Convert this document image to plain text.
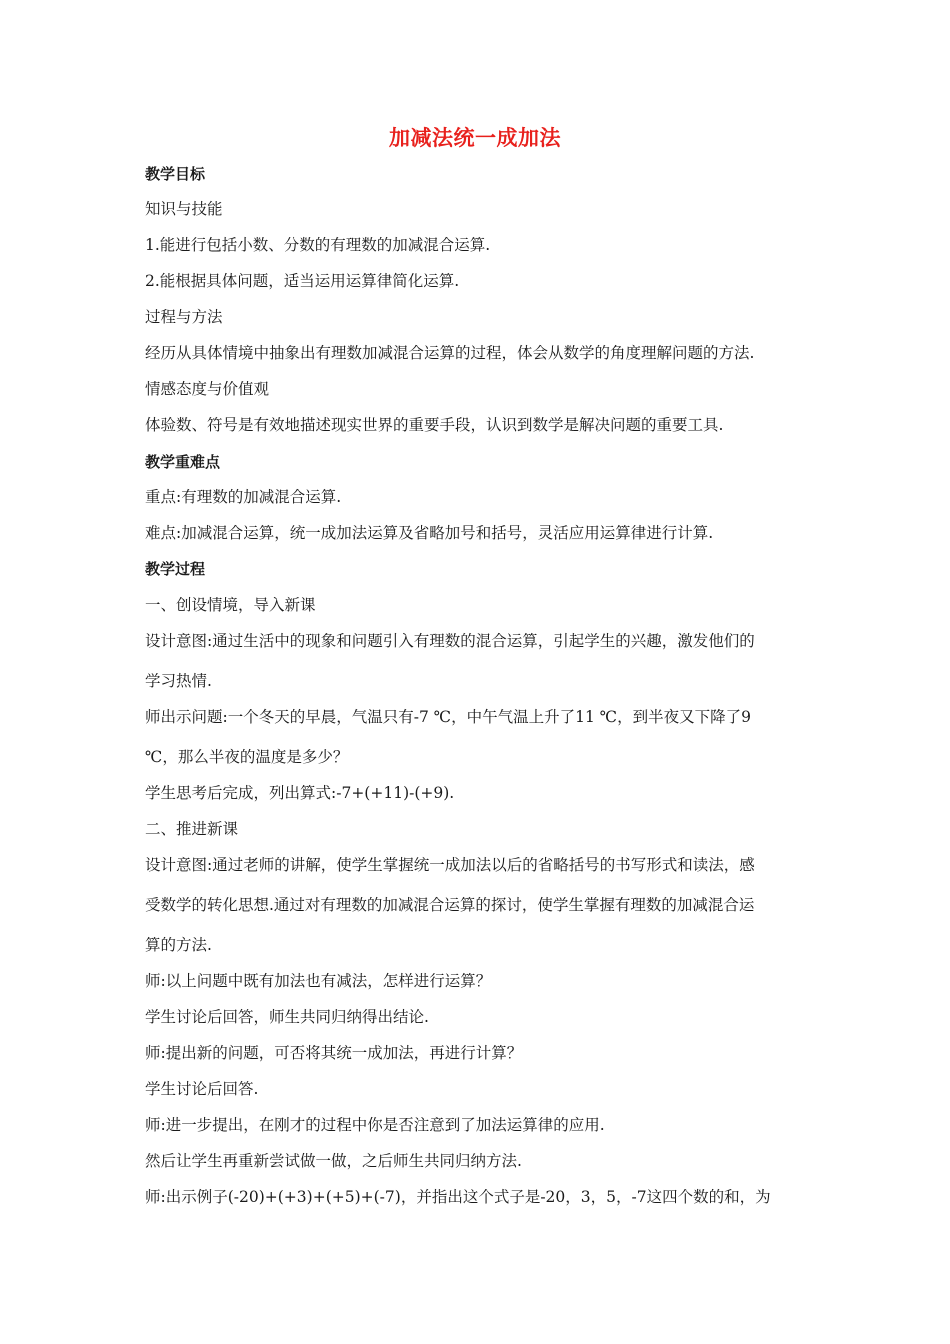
加减法统一成加法
教学目标
知识与技能
1.能进行包括小数、分数的有理数的加减混合运算.
2.能根据具体问题，适当运用运算律简化运算.
过程与方法
经历从具体情境中抽象出有理数加减混合运算的过程，体会从数学的角度理解问题的方法.
情感态度与价值观
体验数、符号是有效地描述现实世界的重要手段，认识到数学是解决问题的重要工具.
教学重难点
重点:有理数的加减混合运算.
难点:加减混合运算，统一成加法运算及省略加号和括号，灵活应用运算律进行计算.
教学过程
一、创设情境，导入新课
设计意图:通过生活中的现象和问题引入有理数的混合运算，引起学生的兴趣，激发他们的
学习热情.
师出示问题:一个冬天的早晨，气温只有-7 ℃，中午气温上升了11 ℃，到半夜又下降了9
℃，那么半夜的温度是多少？
学生思考后完成，列出算式:-7+(+11)-(+9).
二、推进新课
设计意图:通过老师的讲解，使学生掌握统一成加法以后的省略括号的书写形式和读法，感
受数学的转化思想.通过对有理数的加减混合运算的探讨，使学生掌握有理数的加减混合运
算的方法.
师:以上问题中既有加法也有减法，怎样进行运算？
学生讨论后回答，师生共同归纳得出结论.
师:提出新的问题，可否将其统一成加法，再进行计算？
学生讨论后回答.
师:进一步提出，在刚才的过程中你是否注意到了加法运算律的应用.
然后让学生再重新尝试做一做，之后师生共同归纳方法.
师:出示例子(-20)+(+3)+(+5)+(-7)，并指出这个式子是-20，3，5，-7这四个数的和，为
